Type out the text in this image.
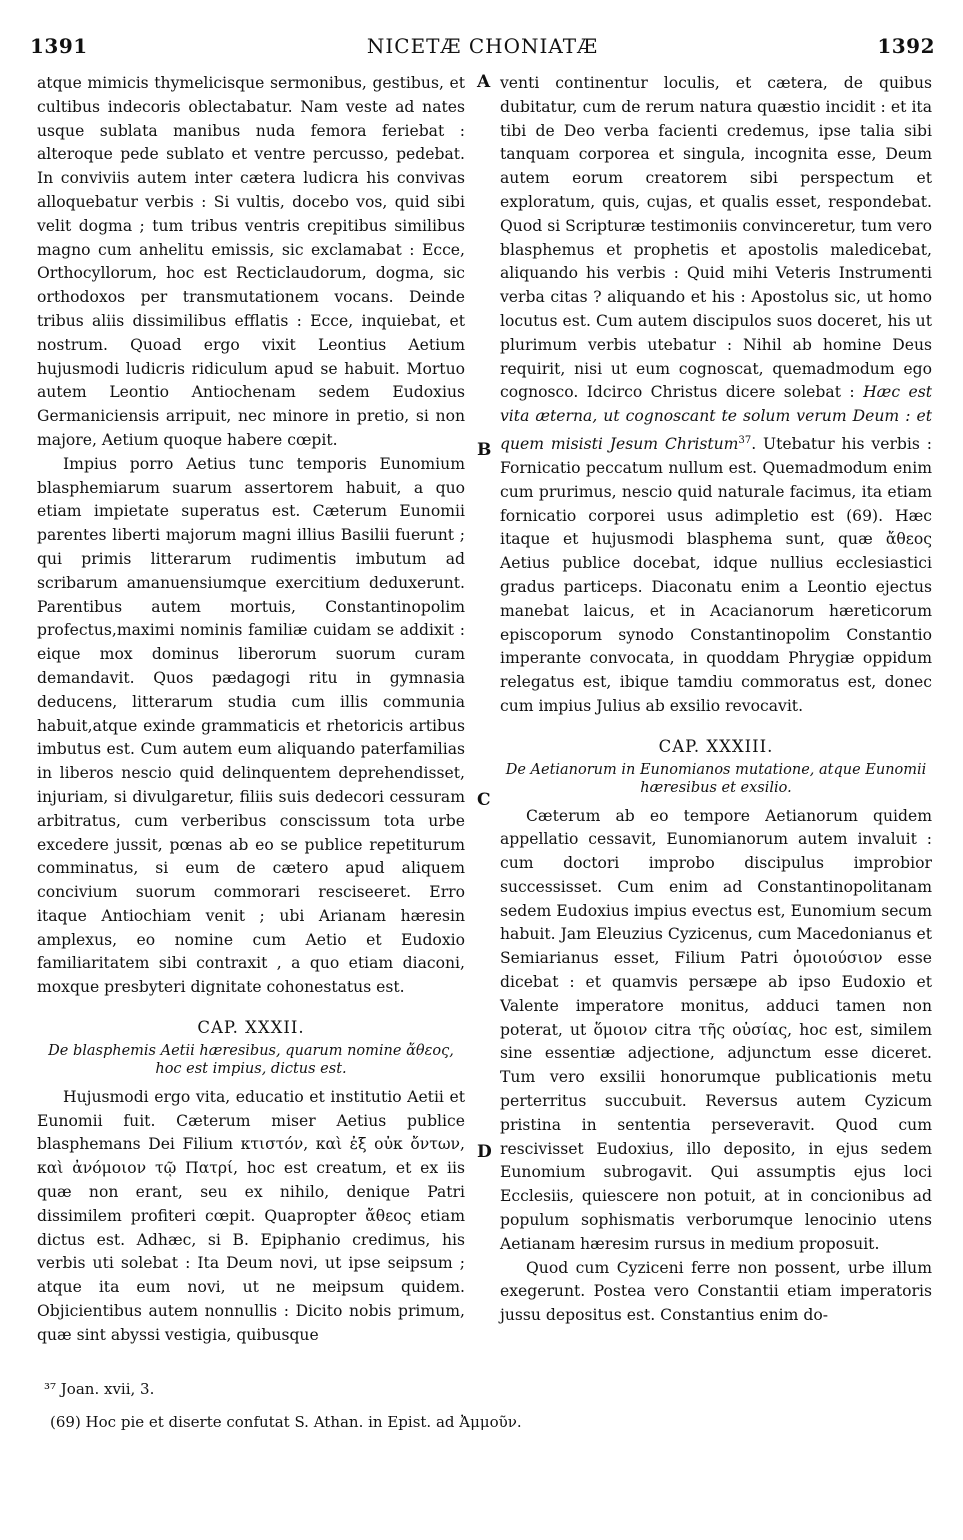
1391	NICETÆ CHONIATÆ	1392
A
B
C
D

atque mimicis thymelicisque sermonibus, gestibus, et cultibus indecoris oblectabatur. Nam veste ad nates usque sublata manibus nuda femora feriebat : alteroque pede sublato et ventre percusso, pedebat. In conviviis autem inter cætera ludicra his convivas alloquebatur verbis : Si vultis, docebo vos, quid sibi velit dogma ; tum tribus ventris crepitibus similibus magno cum anhelitu emissis, sic exclamabat : Ecce, Orthocyllorum, hoc est Recticlaudorum, dogma, sic orthodoxos per transmutationem vocans. Deinde tribus aliis dissimilibus efflatis : Ecce, inquiebat, et nostrum. Quoad ergo vixit Leontius Aetium hujusmodi ludicris ridiculum apud se habuit. Mortuo autem Leontio Antiochenam sedem Eudoxius Germaniciensis arripuit, nec minore in pretio, si non majore, Aetium quoque habere cœpit.

Impius porro Aetius tunc temporis Eunomium blasphemiarum suarum assertorem habuit, a quo etiam impietate superatus est. Cæterum Eunomii parentes liberti majorum magni illius Basilii fuerunt ; qui primis litterarum rudimentis imbutum ad scribarum amanuensiumque exercitium deduxerunt. Parentibus autem mortuis, Constantinopolim profectus,maximi nominis familiæ cuidam se addixit : eique mox dominus liberorum suorum curam demandavit. Quos pædagogi ritu in gymnasia deducens, litterarum studia cum illis communia habuit,atque exinde grammaticis et rhetoricis artibus imbutus est. Cum autem eum aliquando paterfamilias in liberos nescio quid delinquentem deprehendisset, injuriam, si divulgaretur, filiis suis dedecori cessuram arbitratus, cum verberibus conscissum tota urbe excedere jussit, pœnas ab eo se publice repetiturum comminatus, si eum de cætero apud aliquem concivium suorum commorari resciseeret. Erro itaque Antiochiam venit ; ubi Arianam hæresin amplexus, eo nomine cum Aetio et Eudoxio familiaritatem sibi contraxit , a quo etiam diaconi, moxque presbyteri dignitate cohonestatus est.

CAP. XXXII.
De blasphemis Aetii hæresibus, quarum nomine ἄθεος, hoc est impius, dictus est.

Hujusmodi ergo vita, educatio et institutio Aetii et Eunomii fuit. Cæterum miser Aetius publice blasphemans Dei Filium κτιστόν, καὶ ἐξ οὐκ ὄντων, καὶ ἀνόμοιον τῷ Πατρί, hoc est creatum, et ex iis quæ non erant, seu ex nihilo, denique Patri dissimilem profiteri cœpit. Quapropter ἄθεος etiam dictus est. Adhæc, si B. Epiphanio credimus, his verbis uti solebat : Ita Deum novi, ut ipse seipsum ; atque ita eum novi, ut ne meipsum quidem. Objicientibus autem nonnullis : Dicito nobis primum, quæ sint abyssi vestigia, quibusque

venti continentur loculis, et cætera, de quibus dubitatur, cum de rerum natura quæstio incidit : et ita tibi de Deo verba facienti credemus, ipse talia sibi tanquam corporea et singula, incognita esse, Deum autem eorum creatorem sibi perspectum et exploratum, quis, cujas, et qualis esset, respondebat. Quod si Scripturæ testimoniis convinceretur, tum vero blasphemus et prophetis et apostolis maledicebat, aliquando his verbis : Quid mihi Veteris Instrumenti verba citas ? aliquando et his : Apostolus sic, ut homo locutus est. Cum autem discipulos suos doceret, his ut plurimum verbis utebatur : Nihil ab homine Deus requirit, nisi ut eum cognoscat, quemadmodum ego cognosco. Idcirco Christus dicere solebat : Hæc est vita æterna, ut cognoscant te solum verum Deum : et quem misisti Jesum Christum$^{37}$. Utebatur his verbis : Fornicatio peccatum nullum est. Quemadmodum enim cum prurimus, nescio quid naturale facimus, ita etiam fornicatio corporei usus adimpletio est (69). Hæc itaque et hujusmodi blasphema sunt, quæ ἄθεος Aetius publice docebat, idque nullius ecclesiastici gradus particeps. Diaconatu enim a Leontio ejectus manebat laicus, et in Acacianorum hæreticorum episcoporum synodo Constantinopolim Constantio imperante convocata, in quoddam Phrygiæ oppidum relegatus est, ibique tamdiu commoratus est, donec cum impius Julius ab exsilio revocavit.

CAP. XXXIII.
De Aetianorum in Eunomianos mutatione, atque Eunomii hæresibus et exsilio.

Cæterum ab eo tempore Aetianorum quidem appellatio cessavit, Eunomianorum autem invaluit : cum doctori improbo discipulus improbior successisset. Cum enim ad Constantinopolitanam sedem Eudoxius impius evectus est, Eunomium secum habuit. Jam Eleuzius Cyzicenus, cum Macedonianus et Semiarianus esset, Filium Patri ὁμοιούσιον esse dicebat : et quamvis persæpe ab ipso Eudoxio et Valente imperatore monitus, adduci tamen non poterat, ut ὅμοιον citra τῆς οὐσίας, hoc est, similem sine essentiæ adjectione, adjunctum esse diceret. Tum vero exsilii honorumque publicationis metu perterritus succubuit. Reversus autem Cyzicum pristina in sententia perseveravit. Quod cum rescivisset Eudoxius, illo deposito, in ejus sedem Eunomium subrogavit. Qui assumptis ejus loci Ecclesiis, quiescere non potuit, at in concionibus ad populum sophismatis verborumque lenocinio utens Aetianam hæresim rursus in medium proposuit.

Quod cum Cyziceni ferre non possent, urbe illum exegerunt. Postea vero Constantii etiam imperatoris jussu depositus est. Constantius enim do-

³⁷ Joan. xvii, 3.
(69) Hoc pie et diserte confutat S. Athan. in Epist. ad Ἀμμοῦν.
